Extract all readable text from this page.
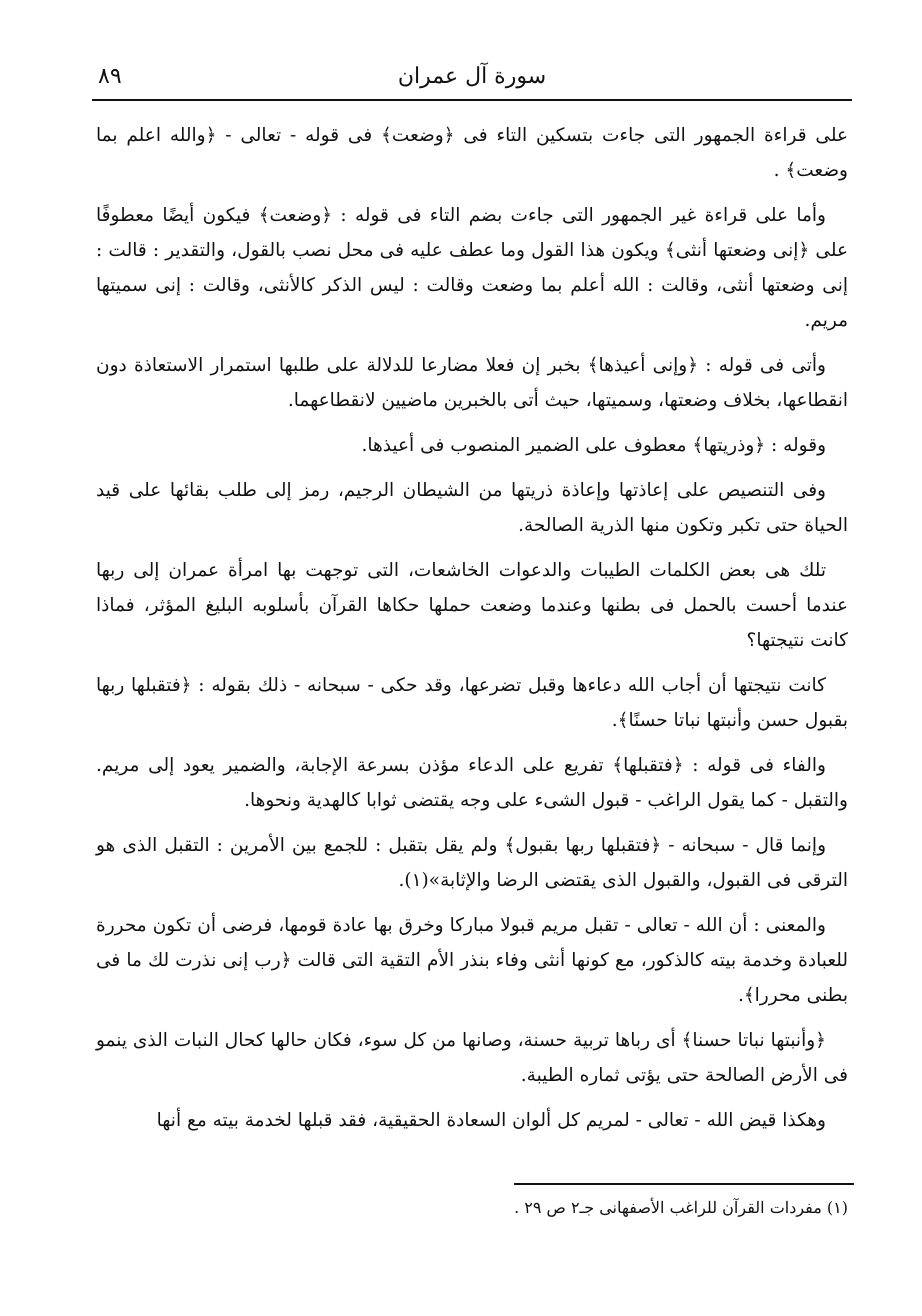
سورة آل عمران
٨٩

على قراءة الجمهور التى جاءت بتسكين التاء فى ﴿وضعت﴾ فى قوله - تعالى - ﴿والله اعلم بما وضعت﴾ .

وأما على قراءة غير الجمهور التى جاءت بضم التاء فى قوله : ﴿وضعت﴾ فيكون أيضًا معطوفًا على ﴿إنى وضعتها أنثى﴾ ويكون هذا القول وما عطف عليه فى محل نصب بالقول، والتقدير : قالت : إنى وضعتها أنثى، وقالت : الله أعلم بما وضعت وقالت : ليس الذكر كالأنثى، وقالت : إنى سميتها مريم.

وأتى فى قوله : ﴿وإنى أعيذها﴾ بخبر إن فعلا مضارعا للدلالة على طلبها استمرار الاستعاذة دون انقطاعها، بخلاف وضعتها، وسميتها، حيث أتى بالخبرين ماضيين لانقطاعهما.

وقوله : ﴿وذريتها﴾ معطوف على الضمير المنصوب فى أعيذها.

وفى التنصيص على إعاذتها وإعاذة ذريتها من الشيطان الرجيم، رمز إلى طلب بقائها على قيد الحياة حتى تكبر وتكون منها الذرية الصالحة.

تلك هى بعض الكلمات الطيبات والدعوات الخاشعات، التى توجهت بها امرأة عمران إلى ربها عندما أحست بالحمل فى بطنها وعندما وضعت حملها حكاها القرآن بأسلوبه البليغ المؤثر، فماذا كانت نتيجتها؟

كانت نتيجتها أن أجاب الله دعاءها وقبل تضرعها، وقد حكى - سبحانه - ذلك بقوله : ﴿فتقبلها ربها بقبول حسن وأنبتها نباتا حسنًا﴾.

والفاء فى قوله : ﴿فتقبلها﴾ تفريع على الدعاء مؤذن بسرعة الإجابة، والضمير يعود إلى مريم. والتقبل - كما يقول الراغب - قبول الشىء على وجه يقتضى ثوابا كالهدية ونحوها.

وإنما قال - سبحانه - ﴿فتقبلها ربها بقبول﴾ ولم يقل بتقبل : للجمع بين الأمرين : التقبل الذى هو الترقى فى القبول، والقبول الذى يقتضى الرضا والإثابة»(١).

والمعنى : أن الله - تعالى - تقبل مريم قبولا مباركا وخرق بها عادة قومها، فرضى أن تكون محررة للعبادة وخدمة بيته كالذكور، مع كونها أنثى وفاء بنذر الأم التقية التى قالت ﴿رب إنى نذرت لك ما فى بطنى محررا﴾.

﴿وأنبتها نباتا حسنا﴾ أى رباها تربية حسنة، وصانها من كل سوء، فكان حالها كحال النبات الذى ينمو فى الأرض الصالحة حتى يؤتى ثماره الطيبة.

وهكذا قيض الله - تعالى - لمريم كل ألوان السعادة الحقيقية، فقد قبلها لخدمة بيته مع أنها

(١) مفردات القرآن للراغب الأصفهانى جـ٢ ص ٢٩ .
